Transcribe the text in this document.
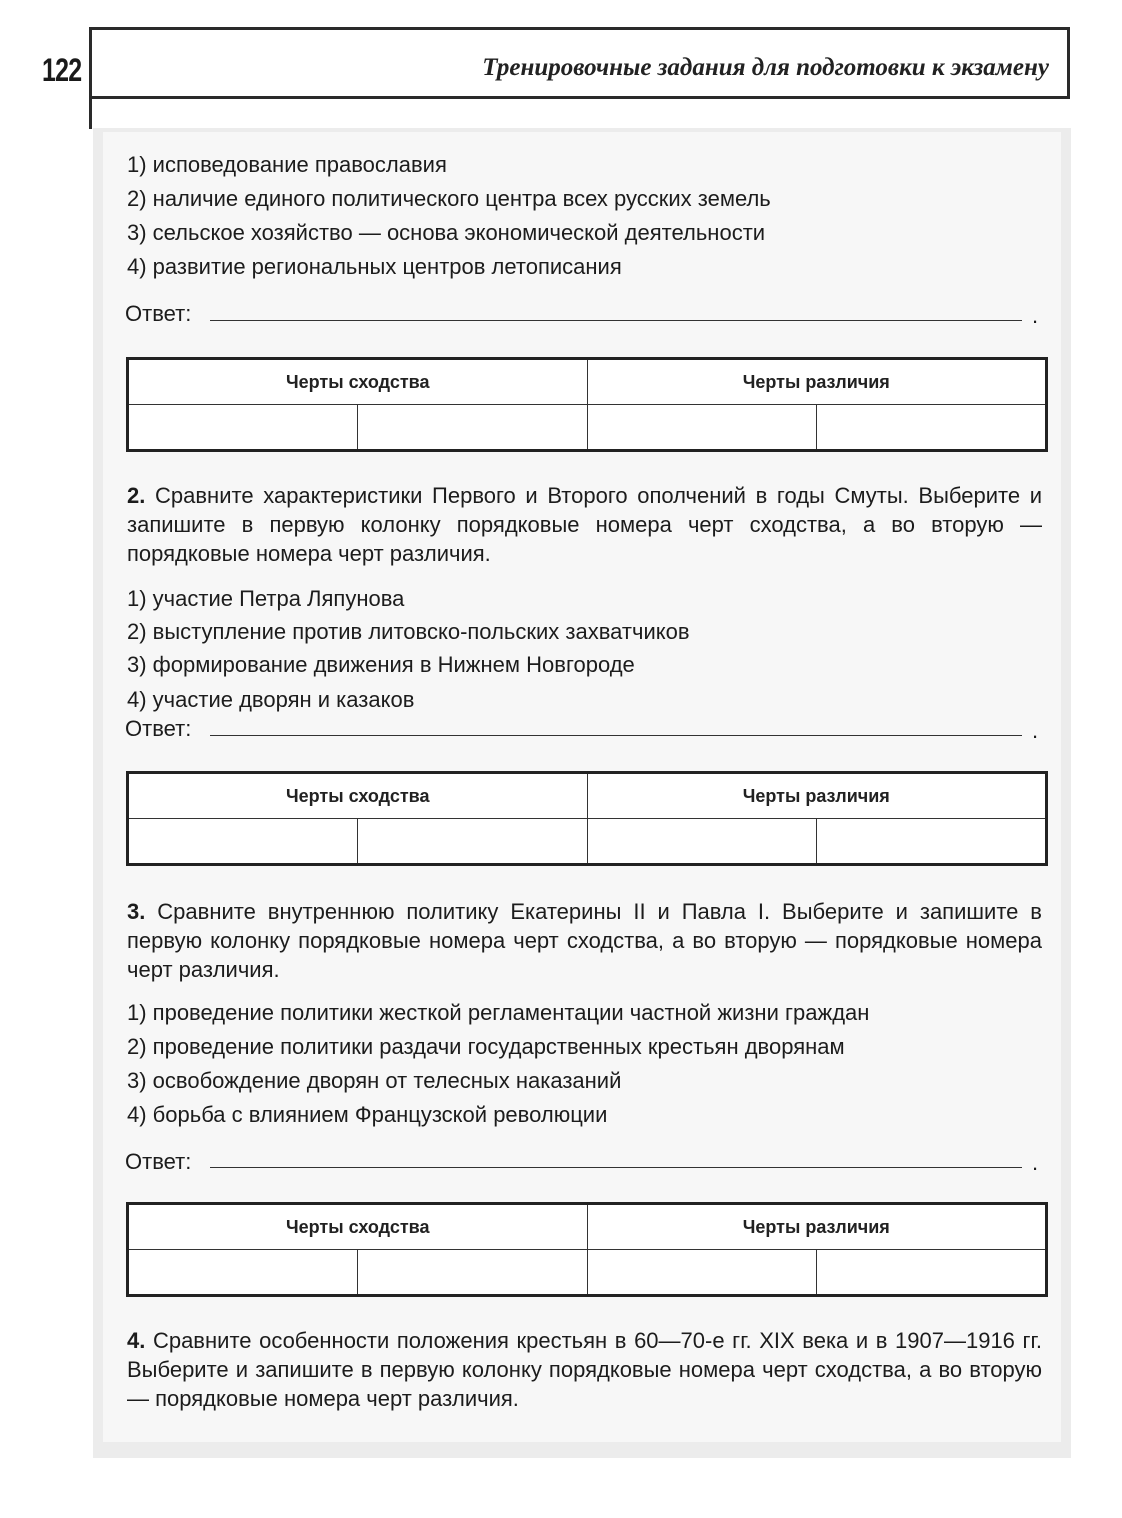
122	Тренировочные задания для подготовки к экзамену
1) исповедование православия
2) наличие единого политического центра всех русских земель
3) сельское хозяйство — основа экономической деятельности
4) развитие региональных центров летописания
Ответ:	.
Черты сходства		Черты различия	

2. Сравните характеристики Первого и Второго ополчений в годы Смуты. Выберите и запишите в первую колонку порядковые номера черт сходства, а во вторую — порядковые номера черт различия.
1) участие Петра Ляпунова
2) выступление против литовско-польских захватчиков
3) формирование движения в Нижнем Новгороде
4) участие дворян и казаков
Ответ:	.
Черты сходства		Черты различия	

3. Сравните внутреннюю политику Екатерины II и Павла I. Выберите и запишите в первую колонку порядковые номера черт сходства, а во вторую — порядковые номера черт различия.
1) проведение политики жесткой регламентации частной жизни граждан
2) проведение политики раздачи государственных крестьян дворянам
3) освобождение дворян от телесных наказаний
4) борьба с влиянием Французской революции
Ответ:	.
Черты сходства		Черты различия	

4. Сравните особенности положения крестьян в 60—70-е гг. XIX века и в 1907—1916 гг. Выберите и запишите в первую колонку порядковые номера черт сходства, а во вторую — порядковые номера черт различия.
